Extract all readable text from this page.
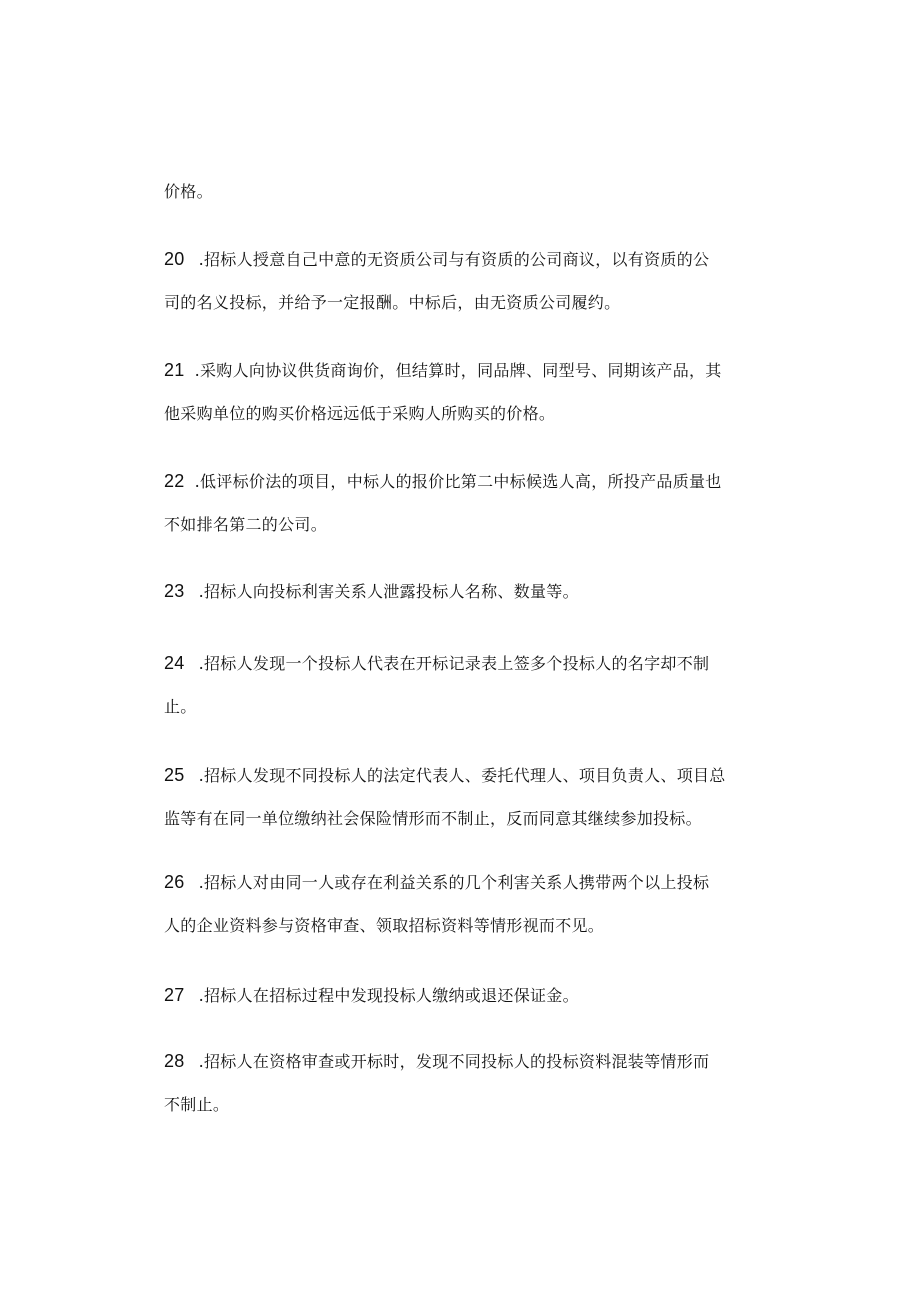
价格。
20 .招标人授意自己中意的无资质公司与有资质的公司商议，以有资质的公
司的名义投标，并给予一定报酬。中标后，由无资质公司履约。
21 .采购人向协议供货商询价，但结算时，同品牌、同型号、同期该产品，其
他采购单位的购买价格远远低于采购人所购买的价格。
22 .低评标价法的项目，中标人的报价比第二中标候选人高，所投产品质量也
不如排名第二的公司。
23 .招标人向投标利害关系人泄露投标人名称、数量等。
24 .招标人发现一个投标人代表在开标记录表上签多个投标人的名字却不制
止。
25 .招标人发现不同投标人的法定代表人、委托代理人、项目负责人、项目总
监等有在同一单位缴纳社会保险情形而不制止，反而同意其继续参加投标。
26 .招标人对由同一人或存在利益关系的几个利害关系人携带两个以上投标
人的企业资料参与资格审查、领取招标资料等情形视而不见。
27 .招标人在招标过程中发现投标人缴纳或退还保证金。
28 .招标人在资格审查或开标时，发现不同投标人的投标资料混装等情形而
不制止。
